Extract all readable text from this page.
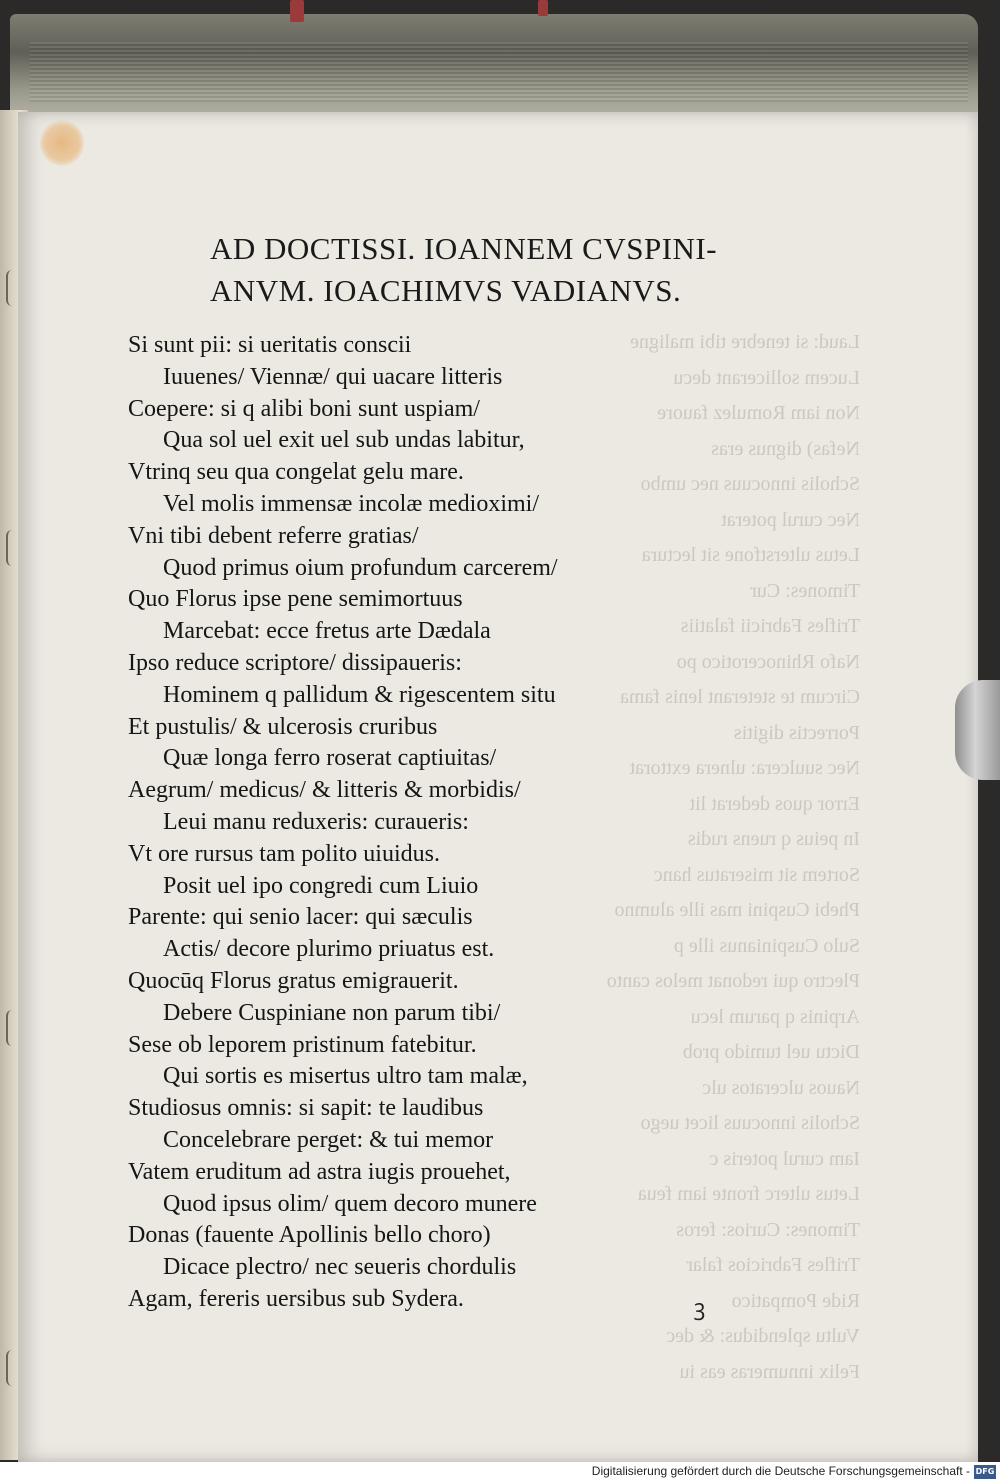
Laud: si tenebre tibi maligne
Lucem sollicerant decu
Non iam Romulez fauore
Nefas) dignus eras
Scholis innocuus nec umbo
Nec curul poterat
Letus ulterstfone sit lectura
Timones: Cur
Trifles Fabricii falatiis
Nafo Rhinocerotico po
Circum te steterant lenis fama
Porrectis digitis
Nec suulcera: ulnera exttorat
Error quos dederat lit
In peius q ruens rudis
Sortem sit miseratus hanc
Phebi Cuspini mas ille alumno
Sulo Cuspinianus ille p
Plectro qui redonat melos canto
Arpinis q parum lecu
Dictu uel tumido prob
Nauos ulceratos ulc
Scholis innocuus licet uego
Iam curul poteris c
Letus ulterc fronte iam feua
Timones: Curios: feros
Trifles Fabricios falar
Ride Pompatico
Vultu splendidus: & dec
Felix innumeras eas iu
AD DOCTISSI. IOANNEM CVSPINI-
ANVM. IOACHIMVS VADIANVS.
Si sunt pii: si ueritatis conscii
Iuuenes/ Viennæ/ qui uacare litteris
Coepere: si q alibi boni sunt uspiam/
Qua sol uel exit uel sub undas labitur,
Vtrinq seu qua congelat gelu mare.
Vel molis immensæ incolæ medioximi/
Vni tibi debent referre gratias/
Quod primus oium profundum carcerem/
Quo Florus ipse pene semimortuus
Marcebat: ecce fretus arte Dædala
Ipso reduce scriptore/ dissipaueris:
Hominem q pallidum & rigescentem situ
Et pustulis/ & ulcerosis cruribus
Quæ longa ferro roserat captiuitas/
Aegrum/ medicus/ & litteris & morbidis/
Leui manu reduxeris: curaueris:
Vt ore rursus tam polito uiuidus.
Posit uel ipo congredi cum Liuio
Parente: qui senio lacer: qui sæculis
Actis/ decore plurimo priuatus est.
Quocūq Florus gratus emigrauerit.
Debere Cuspiniane non parum tibi/
Sese ob leporem pristinum fatebitur.
Qui sortis es misertus ultro tam malæ,
Studiosus omnis: si sapit: te laudibus
Concelebrare perget: & tui memor
Vatem eruditum ad astra iugis prouehet,
Quod ipsus olim/ quem decoro munere
Donas (fauente Apollinis bello choro)
Dicace plectro/ nec seueris chordulis
Agam, fereris uersibus sub Sydera.	ꝫ
Digitalisierung gefördert durch die Deutsche Forschungsgemeinschaft - DFG
